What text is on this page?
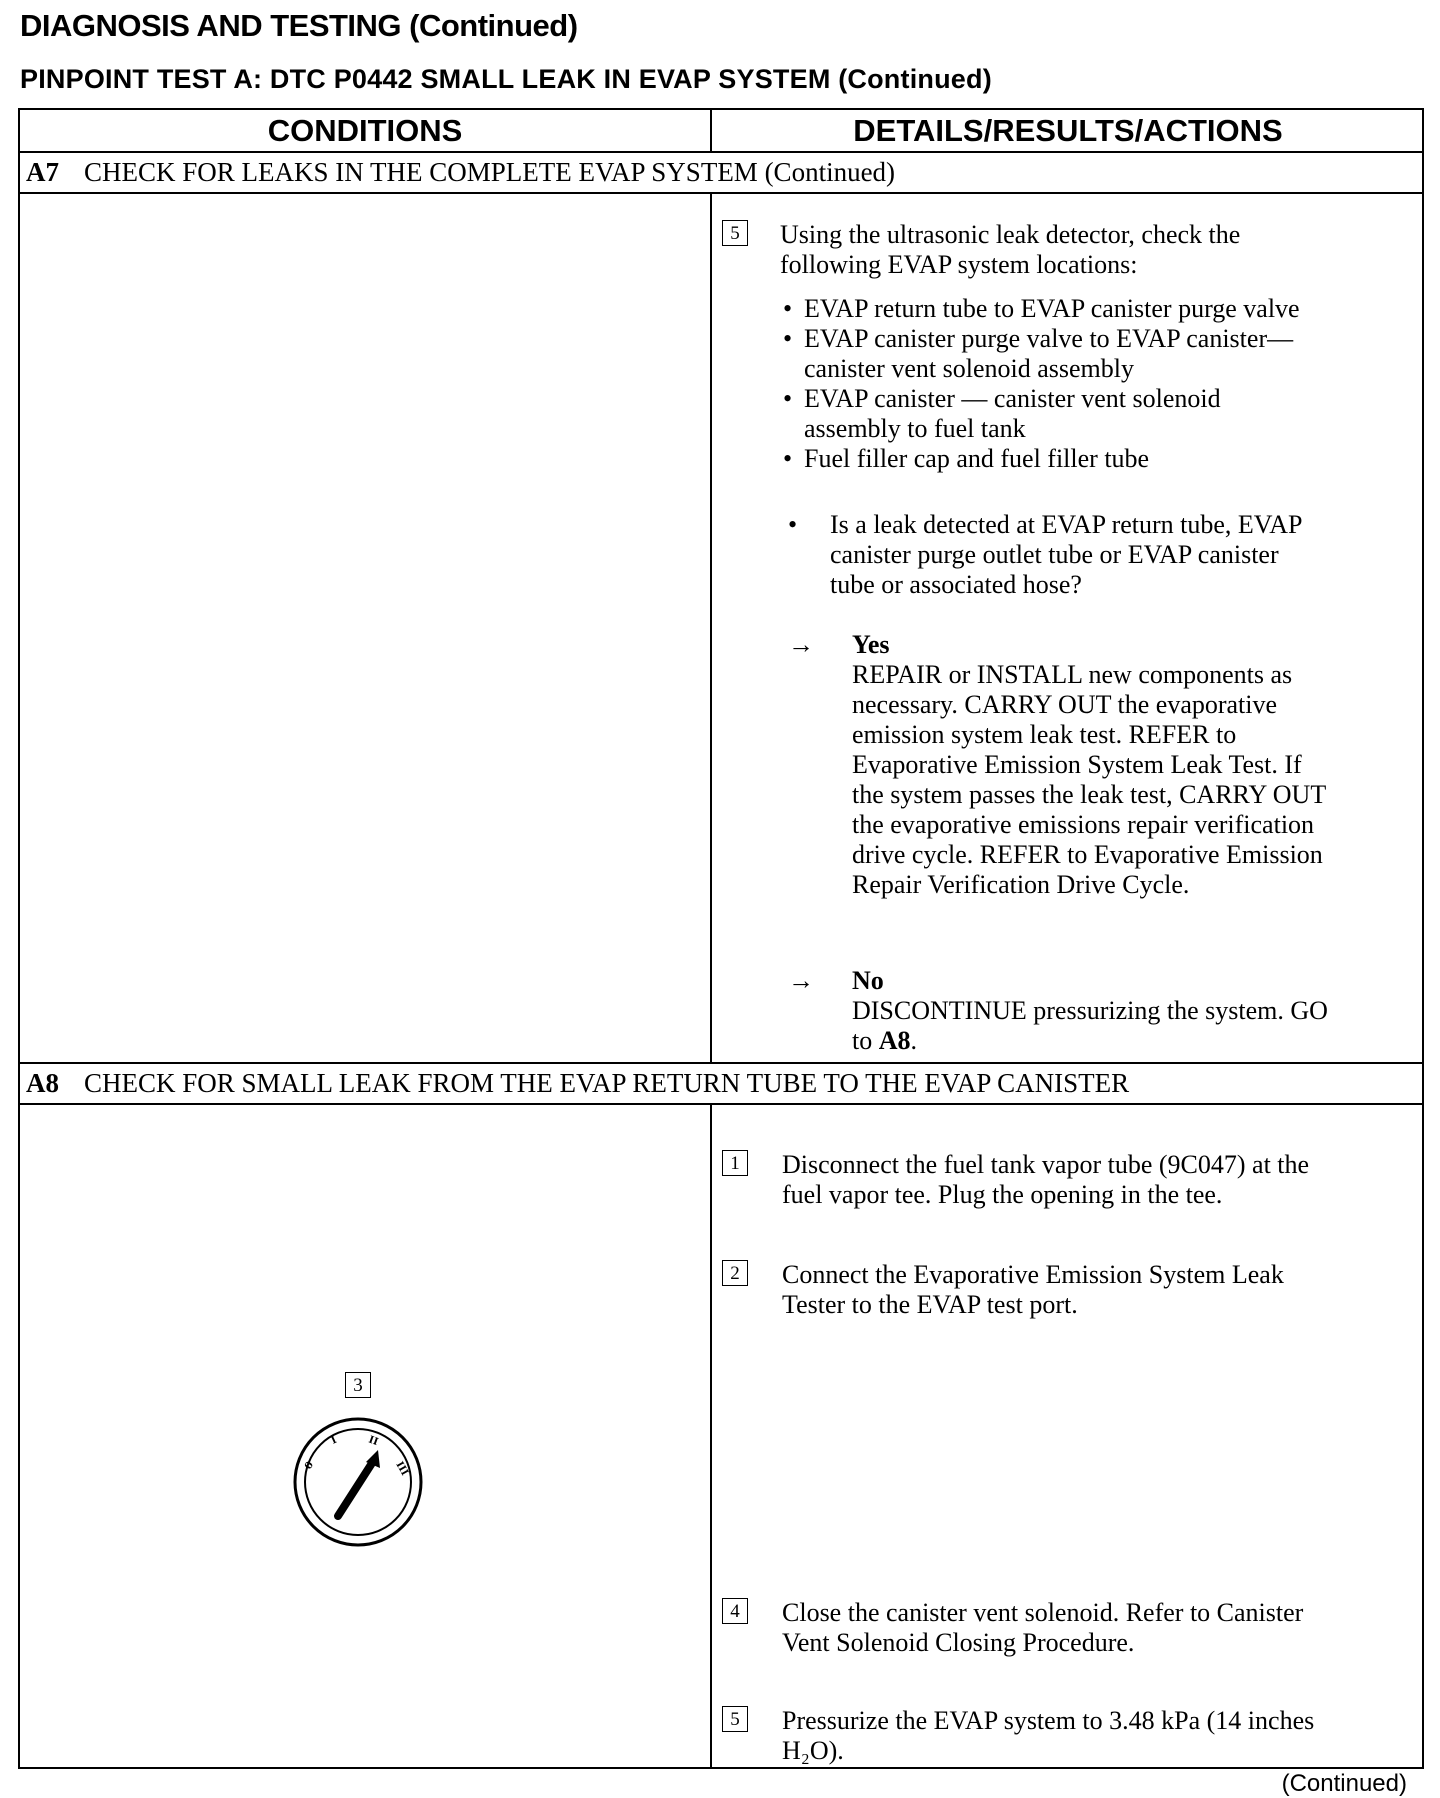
DIAGNOSIS AND TESTING (Continued)
PINPOINT TEST A: DTC P0442 SMALL LEAK IN EVAP SYSTEM (Continued)
CONDITIONS	DETAILS/RESULTS/ACTIONS
A7 CHECK FOR LEAKS IN THE COMPLETE EVAP SYSTEM (Continued)
5	Using the ultrasonic leak detector, check the
following EVAP system locations:
• EVAP return tube to EVAP canister purge valve
• EVAP canister purge valve to EVAP canister—
canister vent solenoid assembly
• EVAP canister — canister vent solenoid
assembly to fuel tank
• Fuel filler cap and fuel filler tube
• Is a leak detected at EVAP return tube, EVAP
canister purge outlet tube or EVAP canister
tube or associated hose?
→ Yes
REPAIR or INSTALL new components as
necessary. CARRY OUT the evaporative
emission system leak test. REFER to
Evaporative Emission System Leak Test. If
the system passes the leak test, CARRY OUT
the evaporative emissions repair verification
drive cycle. REFER to Evaporative Emission
Repair Verification Drive Cycle.
→ No
DISCONTINUE pressurizing the system. GO
to A8.
A8 CHECK FOR SMALL LEAK FROM THE EVAP RETURN TUBE TO THE EVAP CANISTER
3
0
I	II
III
1	Disconnect the fuel tank vapor tube (9C047) at the
fuel vapor tee. Plug the opening in the tee.
2	Connect the Evaporative Emission System Leak
Tester to the EVAP test port.
4	Close the canister vent solenoid. Refer to Canister
Vent Solenoid Closing Procedure.
5	Pressurize the EVAP system to 3.48 kPa (14 inches
H₂O).
(Continued)
